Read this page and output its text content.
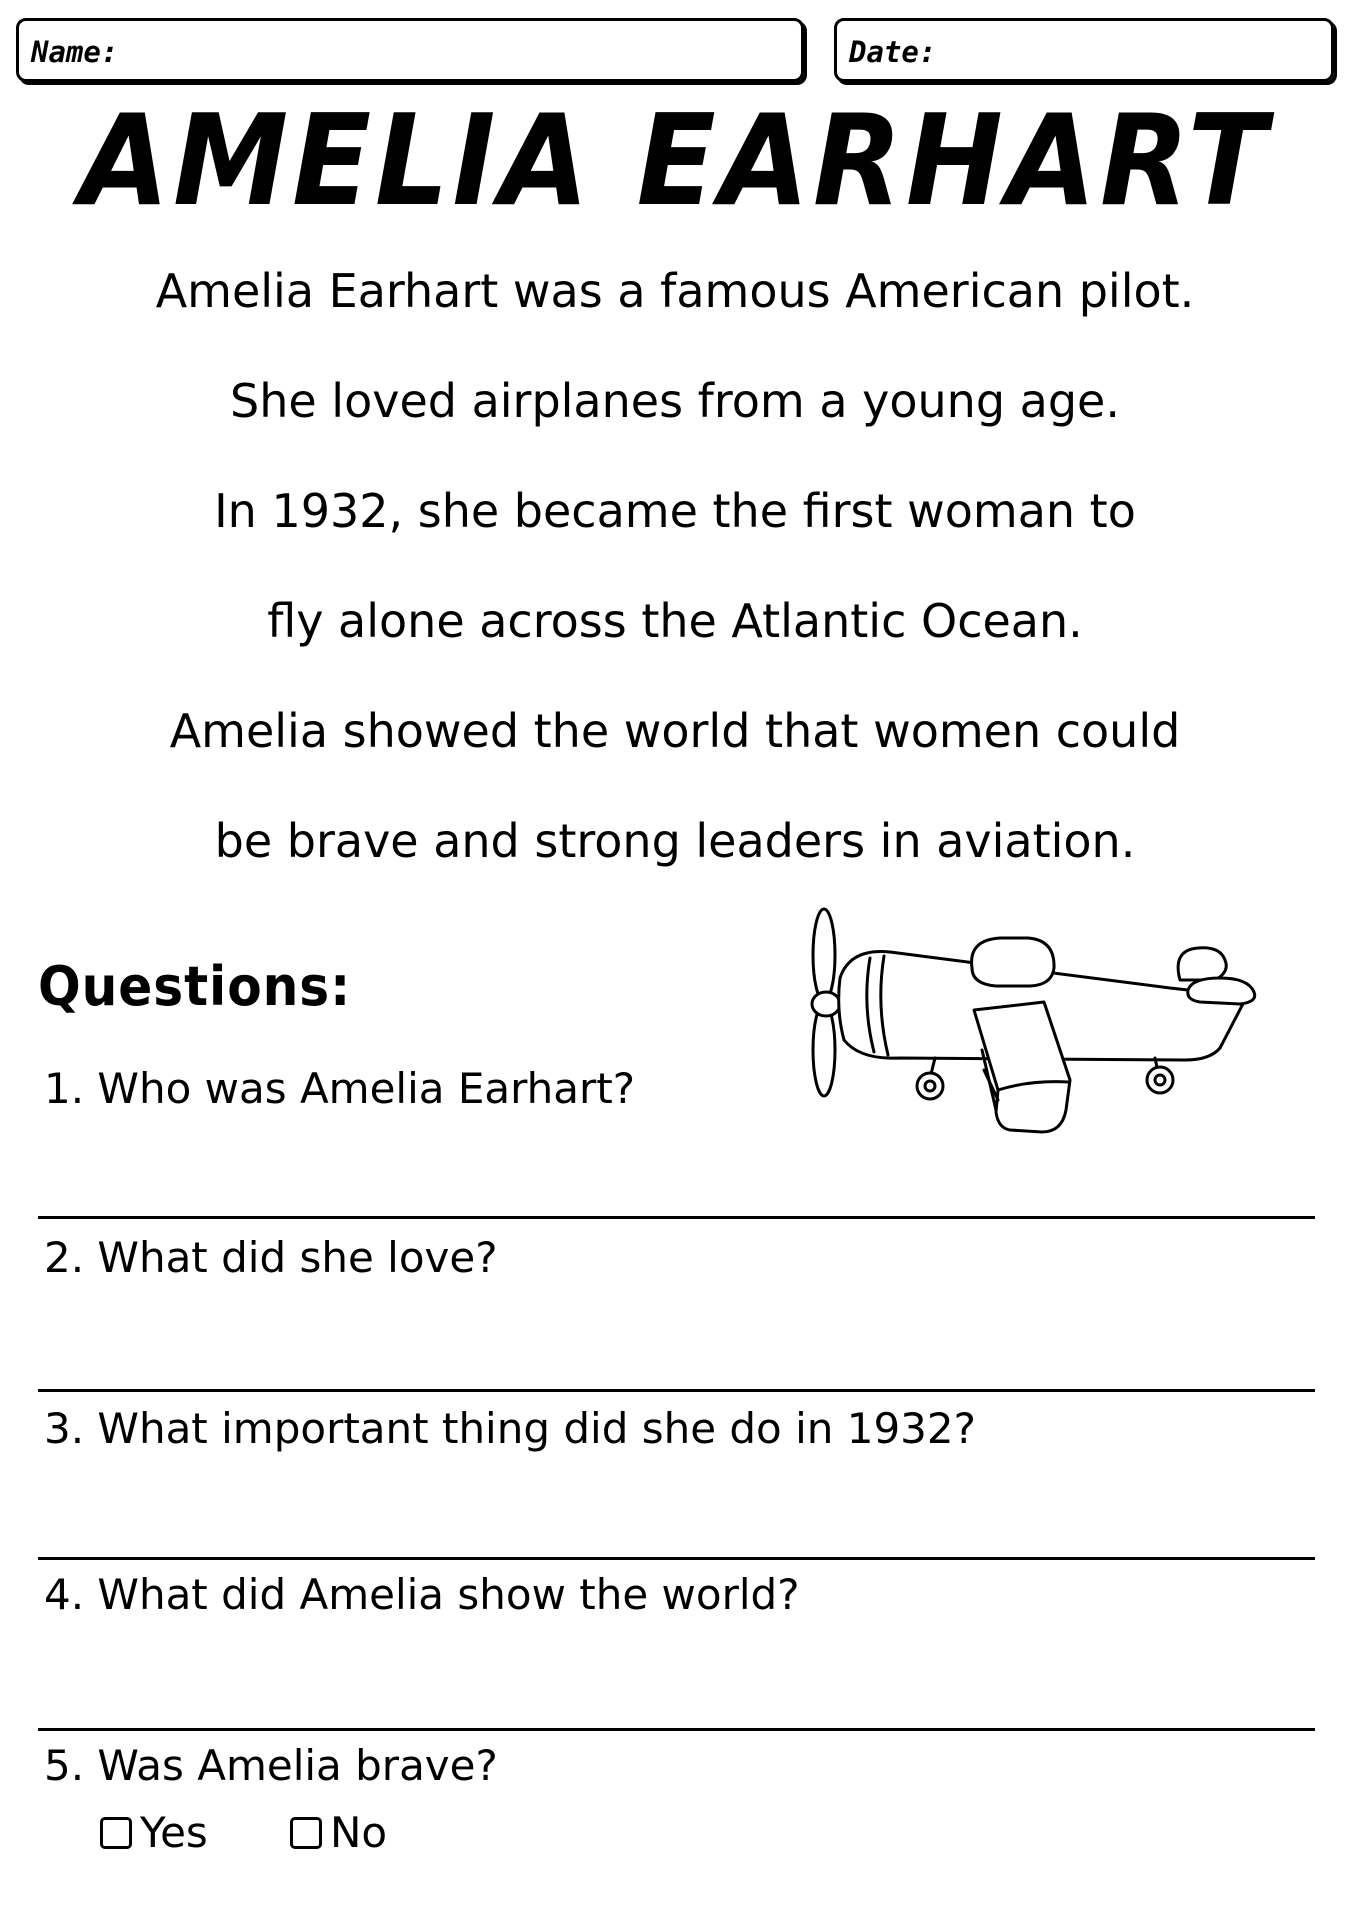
Name:	Date:
AMELIA EARHART
Amelia Earhart was a famous American pilot.
She loved airplanes from a young age.
In 1932, she became the first woman to
fly alone across the Atlantic Ocean.
Amelia showed the world that women could
be brave and strong leaders in aviation.
Questions:
1. Who was Amelia Earhart?
2. What did she love?
3. What important thing did she do in 1932?
4. What did Amelia show the world?
5. Was Amelia brave?
Yes	No
